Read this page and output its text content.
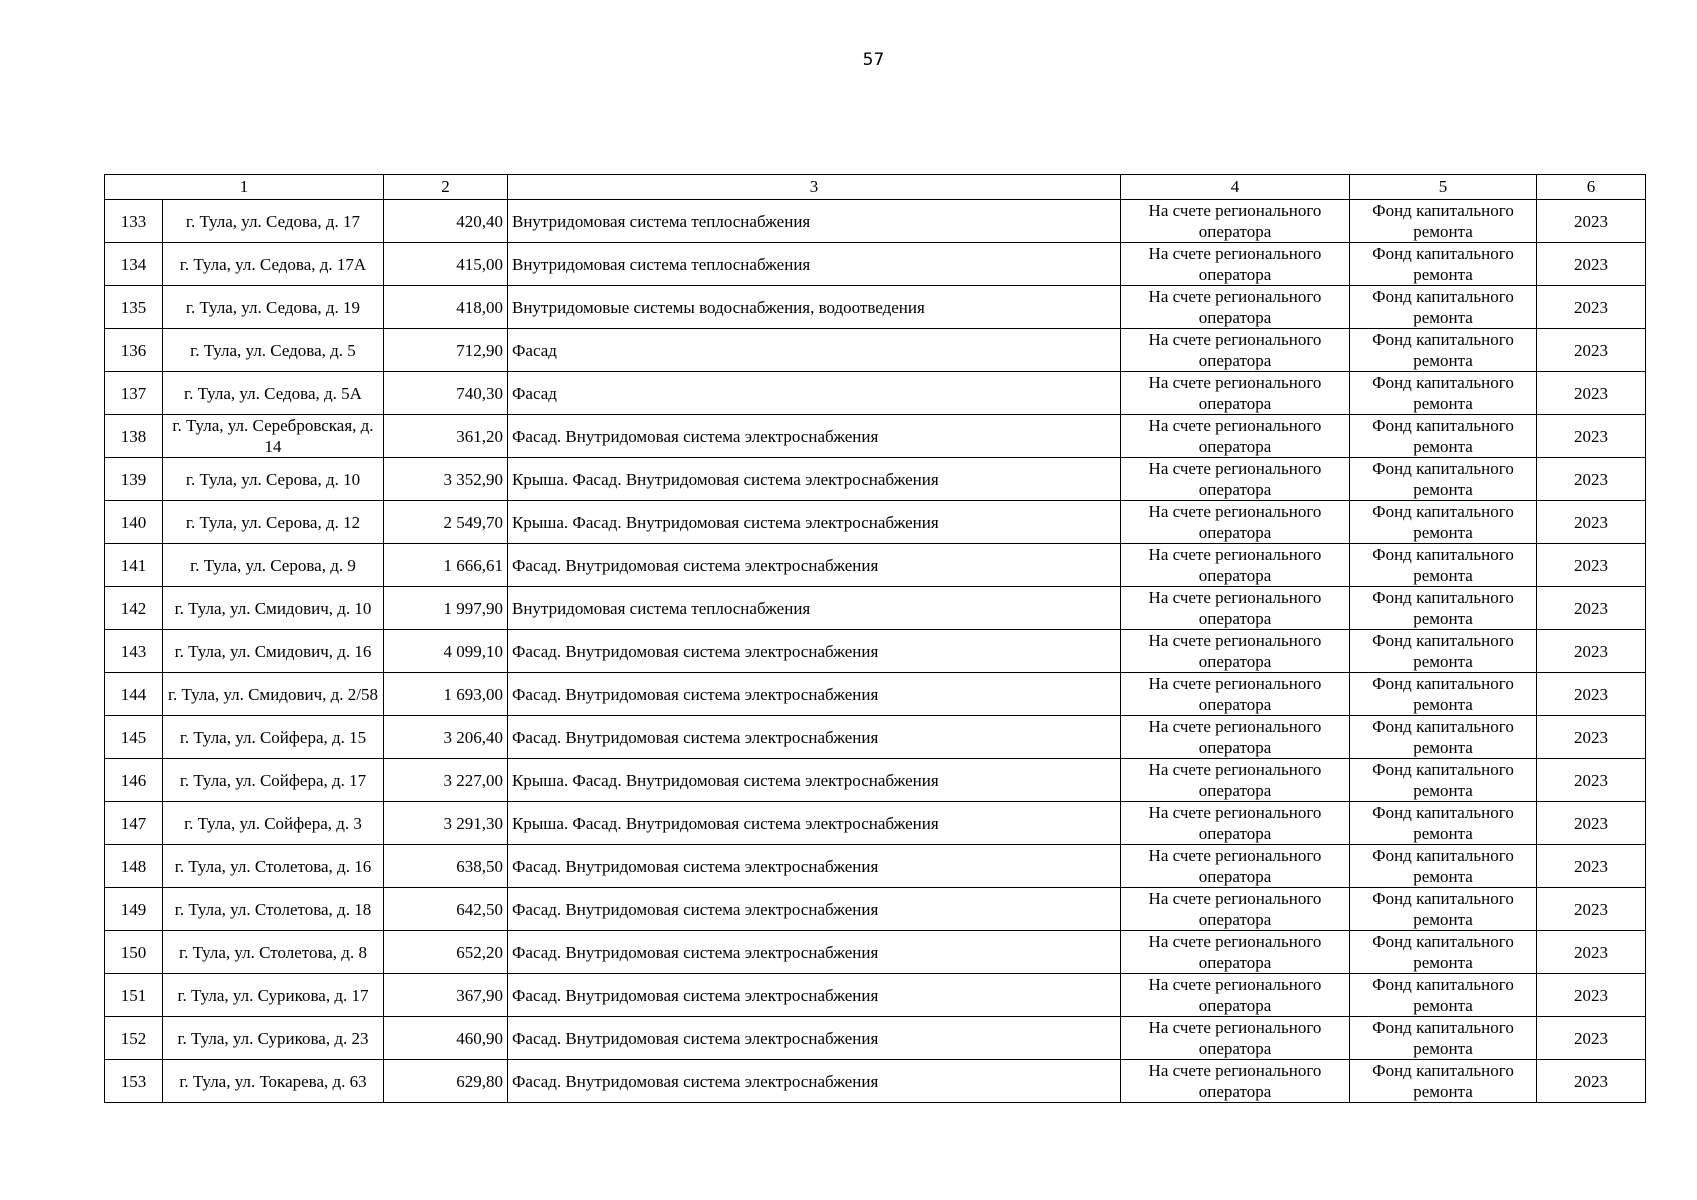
57
1		2	3	4	5	6
133	г. Тула, ул. Седова, д. 17	420,40	Внутридомовая система теплоснабжения	На счете регионального оператора	Фонд капитального ремонта	2023
134	г. Тула, ул. Седова, д. 17А	415,00	Внутридомовая система теплоснабжения	На счете регионального оператора	Фонд капитального ремонта	2023
135	г. Тула, ул. Седова, д. 19	418,00	Внутридомовые системы водоснабжения, водоотведения	На счете регионального оператора	Фонд капитального ремонта	2023
136	г. Тула, ул. Седова, д. 5	712,90	Фасад	На счете регионального оператора	Фонд капитального ремонта	2023
137	г. Тула, ул. Седова, д. 5А	740,30	Фасад	На счете регионального оператора	Фонд капитального ремонта	2023
138	г. Тула, ул. Серебровская, д. 14	361,20	Фасад. Внутридомовая система электроснабжения	На счете регионального оператора	Фонд капитального ремонта	2023
139	г. Тула, ул. Серова, д. 10	3 352,90	Крыша. Фасад. Внутридомовая система электроснабжения	На счете регионального оператора	Фонд капитального ремонта	2023
140	г. Тула, ул. Серова, д. 12	2 549,70	Крыша. Фасад. Внутридомовая система электроснабжения	На счете регионального оператора	Фонд капитального ремонта	2023
141	г. Тула, ул. Серова, д. 9	1 666,61	Фасад. Внутридомовая система электроснабжения	На счете регионального оператора	Фонд капитального ремонта	2023
142	г. Тула, ул. Смидович, д. 10	1 997,90	Внутридомовая система теплоснабжения	На счете регионального оператора	Фонд капитального ремонта	2023
143	г. Тула, ул. Смидович, д. 16	4 099,10	Фасад. Внутридомовая система электроснабжения	На счете регионального оператора	Фонд капитального ремонта	2023
144	г. Тула, ул. Смидович, д. 2/58	1 693,00	Фасад. Внутридомовая система электроснабжения	На счете регионального оператора	Фонд капитального ремонта	2023
145	г. Тула, ул. Сойфера, д. 15	3 206,40	Фасад. Внутридомовая система электроснабжения	На счете регионального оператора	Фонд капитального ремонта	2023
146	г. Тула, ул. Сойфера, д. 17	3 227,00	Крыша. Фасад. Внутридомовая система электроснабжения	На счете регионального оператора	Фонд капитального ремонта	2023
147	г. Тула, ул. Сойфера, д. 3	3 291,30	Крыша. Фасад. Внутридомовая система электроснабжения	На счете регионального оператора	Фонд капитального ремонта	2023
148	г. Тула, ул. Столетова, д. 16	638,50	Фасад. Внутридомовая система электроснабжения	На счете регионального оператора	Фонд капитального ремонта	2023
149	г. Тула, ул. Столетова, д. 18	642,50	Фасад. Внутридомовая система электроснабжения	На счете регионального оператора	Фонд капитального ремонта	2023
150	г. Тула, ул. Столетова, д. 8	652,20	Фасад. Внутридомовая система электроснабжения	На счете регионального оператора	Фонд капитального ремонта	2023
151	г. Тула, ул. Сурикова, д. 17	367,90	Фасад. Внутридомовая система электроснабжения	На счете регионального оператора	Фонд капитального ремонта	2023
152	г. Тула, ул. Сурикова, д. 23	460,90	Фасад. Внутридомовая система электроснабжения	На счете регионального оператора	Фонд капитального ремонта	2023
153	г. Тула, ул. Токарева, д. 63	629,80	Фасад. Внутридомовая система электроснабжения	На счете регионального оператора	Фонд капитального ремонта	2023
